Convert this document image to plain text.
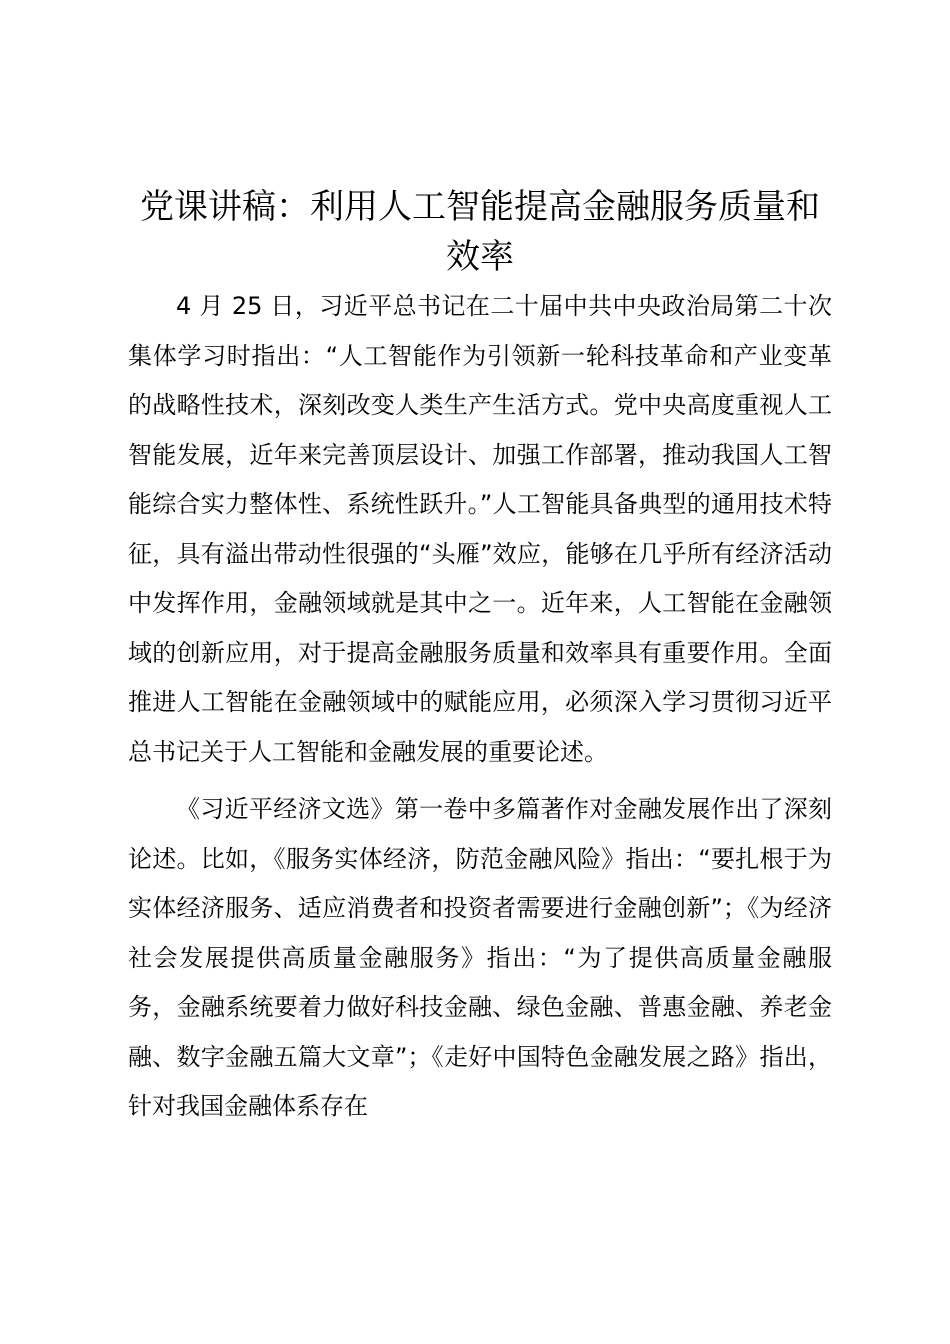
党课讲稿：利用人工智能提高金融服务质量和效率

4 月 25 日，习近平总书记在二十届中共中央政治局第二十次集体学习时指出：“人工智能作为引领新一轮科技革命和产业变革的战略性技术，深刻改变人类生产生活方式。党中央高度重视人工智能发展，近年来完善顶层设计、加强工作部署，推动我国人工智能综合实力整体性、系统性跃升。”人工智能具备典型的通用技术特征，具有溢出带动性很强的“头雁”效应，能够在几乎所有经济活动中发挥作用，金融领域就是其中之一。近年来，人工智能在金融领域的创新应用，对于提高金融服务质量和效率具有重要作用。全面推进人工智能在金融领域中的赋能应用，必须深入学习贯彻习近平总书记关于人工智能和金融发展的重要论述。

《习近平经济文选》第一卷中多篇著作对金融发展作出了深刻论述。比如，《服务实体经济，防范金融风险》指出：“要扎根于为实体经济服务、适应消费者和投资者需要进行金融创新”；《为经济社会发展提供高质量金融服务》指出：“为了提供高质量金融服务，金融系统要着力做好科技金融、绿色金融、普惠金融、养老金融、数字金融五篇大文章”；《走好中国特色金融发展之路》指出，针对我国金融体系存在
